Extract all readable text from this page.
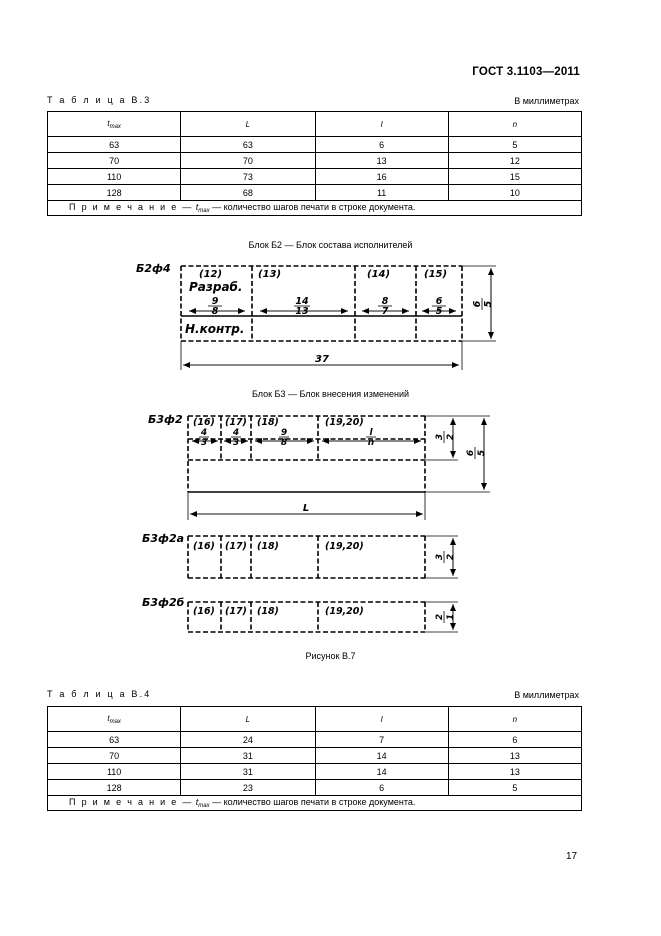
ГОСТ 3.1103—2011
Т а б л и ц а В.3	В миллиметрах
$t_{max}$	L	l	n
63	63	6	5
70	70	13	12
110	73	16	15
128	68	11	10
П р и м е ч а н и е — $t_{max}$ — количество шагов печати в строке документа.			
Блок Б2 — Блок состава исполнителей
Б2ф4	(12)	(13)	(14)	(15)
Разраб.
Н.контр.
9
8
14
13
8
7
6
5
6 5
37
Б3ф2 (16) (17) (18)	(19,20)
4
3
4
3
9
8
l
n
3 2
6 5
L
Б3ф2а
(16) (17) (18)	(19,20)
3 2
Б3ф2б
(16) (17) (18)	(19,20)	2 1
Блок Б3 — Блок внесения изменений
Рисунок В.7
Т а б л и ц а В.4	В миллиметрах
$t_{max}$	L	l	n
63	24	7	6
70	31	14	13
110	31	14	13
128	23	6	5
П р и м е ч а н и е — $t_{max}$ — количество шагов печати в строке документа.			
17
